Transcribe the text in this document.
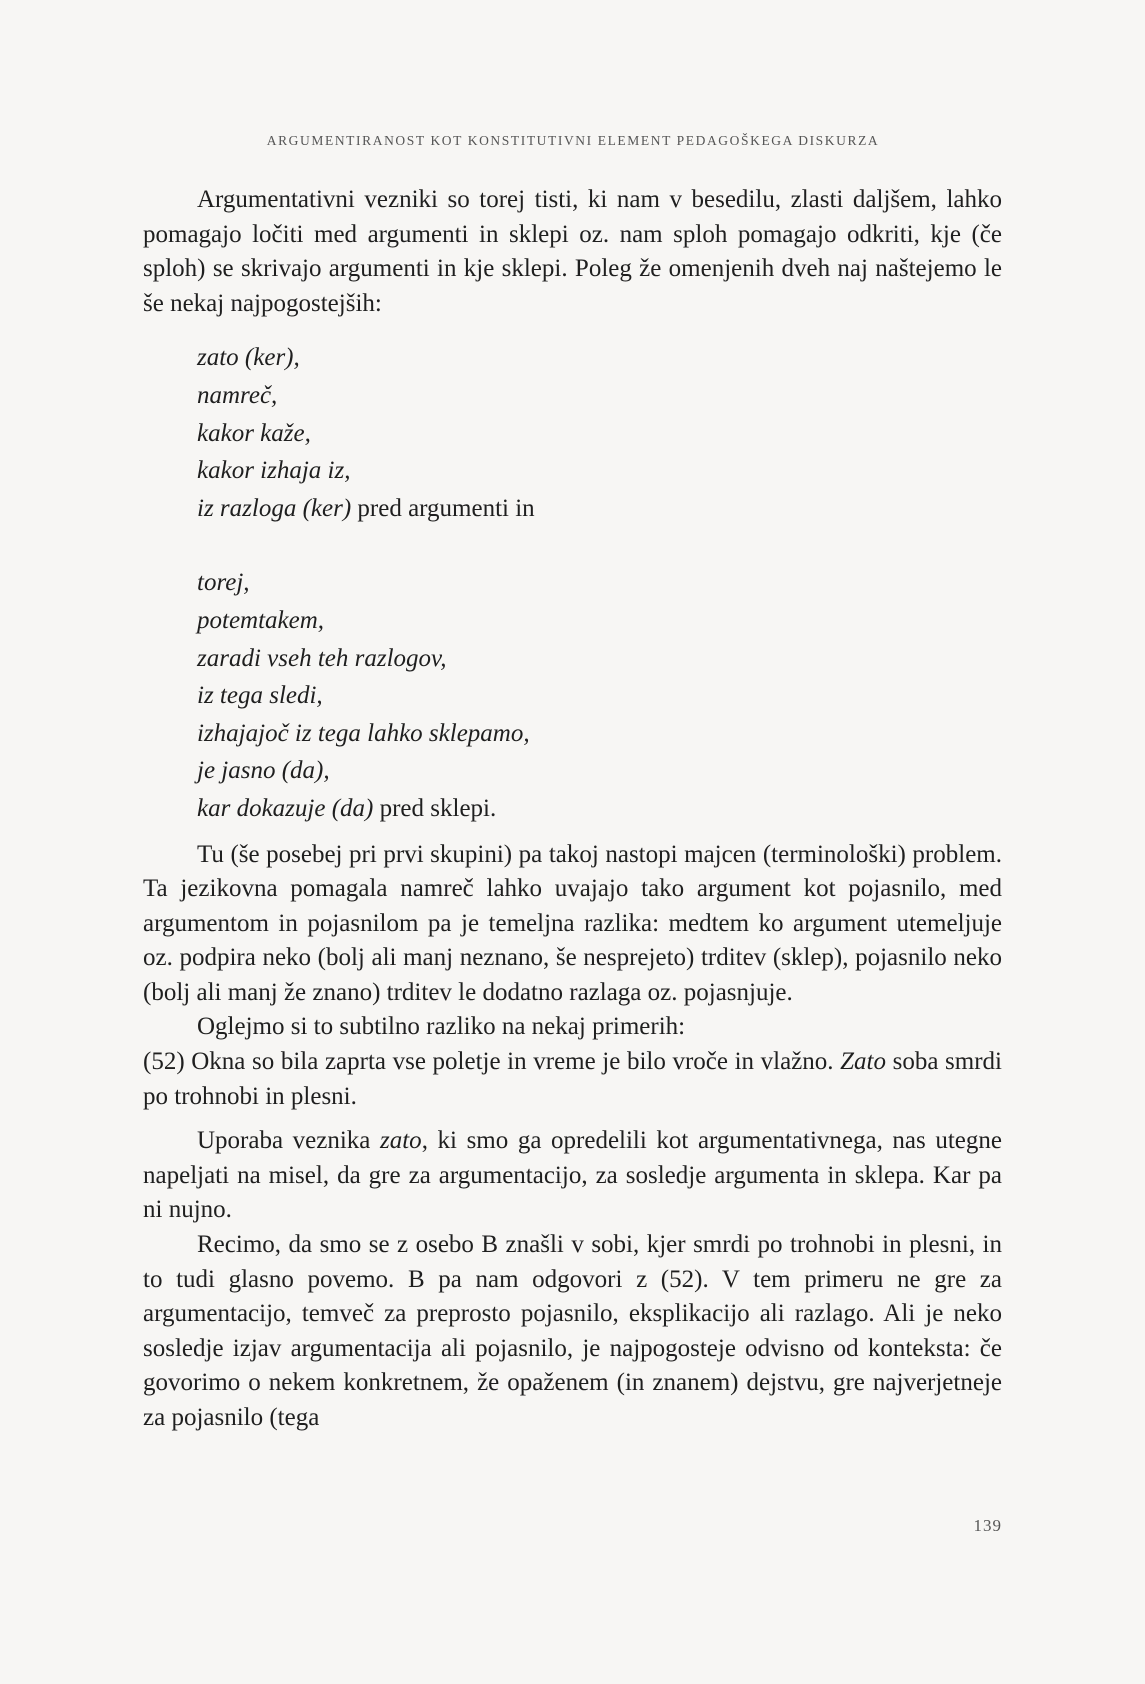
ARGUMENTIRANOST KOT KONSTITUTIVNI ELEMENT PEDAGOŠKEGA DISKURZA

Argumentativni vezniki so torej tisti, ki nam v besedilu, zlasti daljšem, lahko pomagajo ločiti med argumenti in sklepi oz. nam sploh pomagajo odkriti, kje (če sploh) se skrivajo argumenti in kje sklepi. Poleg že omenjenih dveh naj naštejemo le še nekaj najpogostejših:

zato (ker),
namreč,
kakor kaže,
kakor izhaja iz,
iz razloga (ker) pred argumenti in
torej,
potemtakem,
zaradi vseh teh razlogov,
iz tega sledi,
izhajajoč iz tega lahko sklepamo,
je jasno (da),
kar dokazuje (da) pred sklepi.

Tu (še posebej pri prvi skupini) pa takoj nastopi majcen (terminološki) problem. Ta jezikovna pomagala namreč lahko uvajajo tako argument kot pojasnilo, med argumentom in pojasnilom pa je temeljna razlika: medtem ko argument utemeljuje oz. podpira neko (bolj ali manj neznano, še nesprejeto) trditev (sklep), pojasnilo neko (bolj ali manj že znano) trditev le dodatno razlaga oz. pojasnjuje.

Oglejmo si to subtilno razliko na nekaj primerih:

(52) Okna so bila zaprta vse poletje in vreme je bilo vroče in vlažno. Zato soba smrdi po trohnobi in plesni.

Uporaba veznika zato, ki smo ga opredelili kot argumentativnega, nas utegne napeljati na misel, da gre za argumentacijo, za sosledje argumenta in sklepa. Kar pa ni nujno.

Recimo, da smo se z osebo B znašli v sobi, kjer smrdi po trohnobi in plesni, in to tudi glasno povemo. B pa nam odgovori z (52). V tem primeru ne gre za argumentacijo, temveč za preprosto pojasnilo, eksplikacijo ali razlago. Ali je neko sosledje izjav argumentacija ali pojasnilo, je najpogosteje odvisno od konteksta: če govorimo o nekem konkretnem, že opaženem (in znanem) dejstvu, gre najverjetneje za pojasnilo (tega

139
